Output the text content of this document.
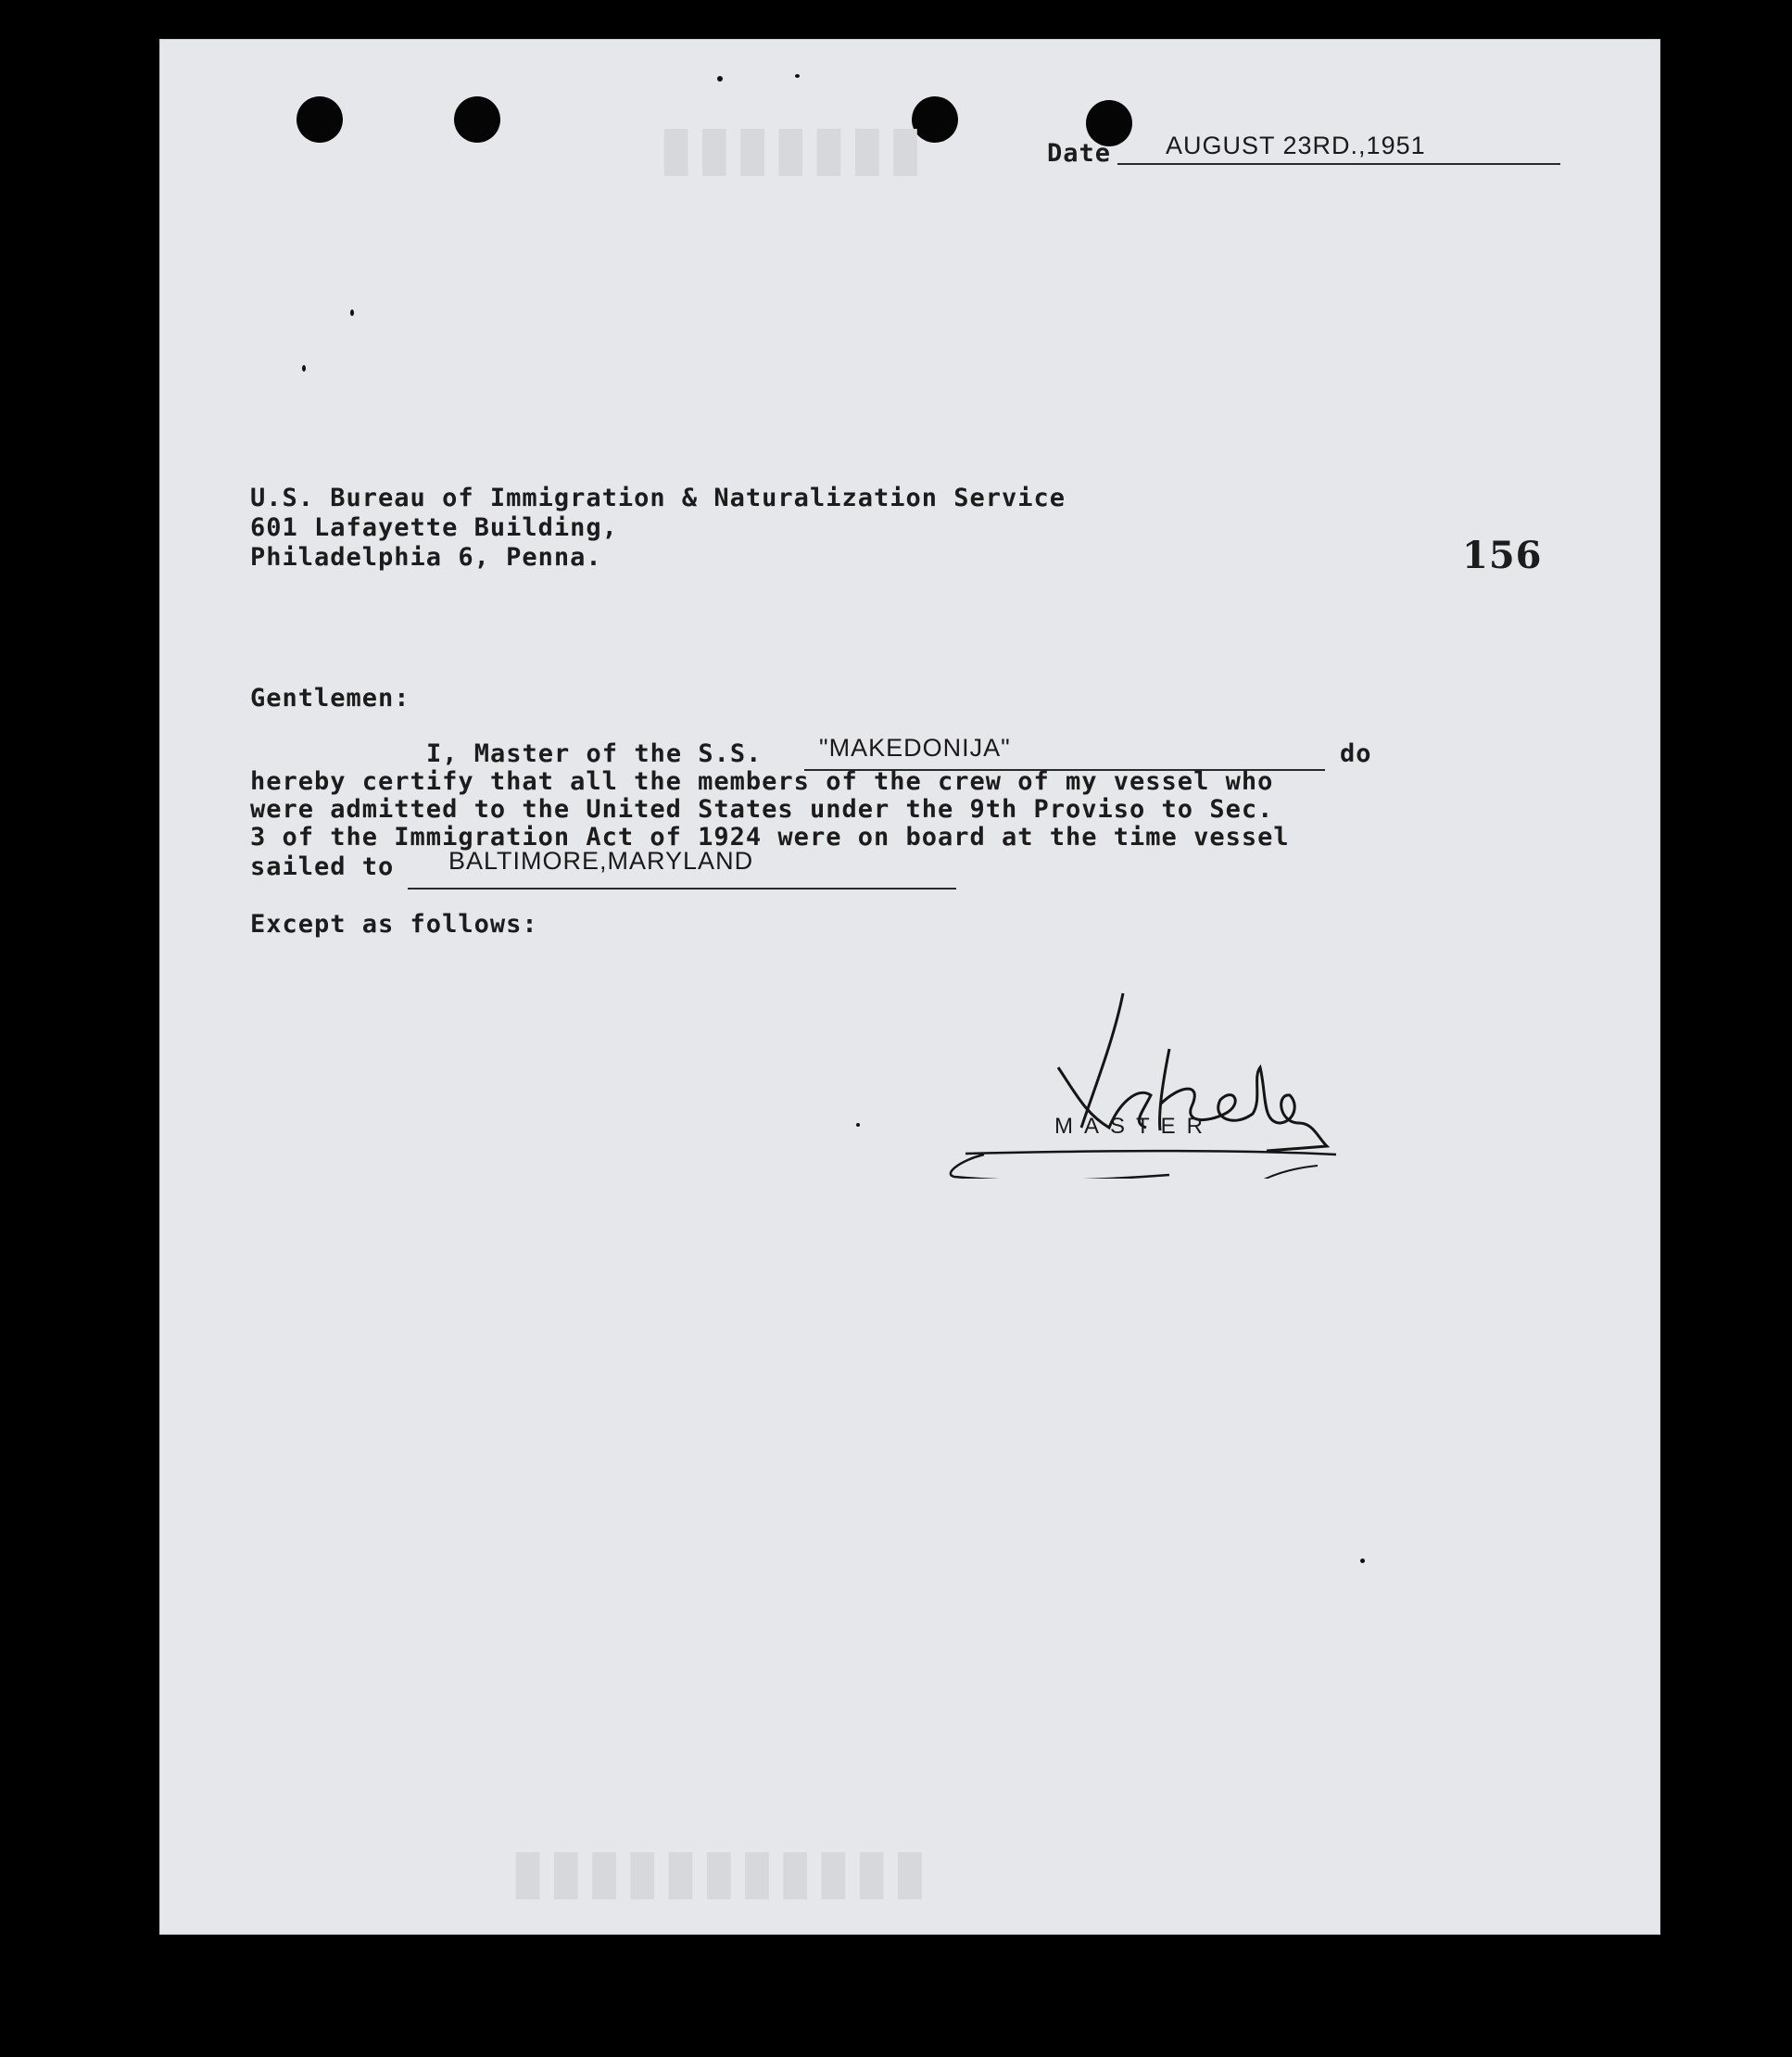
▮▮▮▮▮▮▮
▮▮▮▮▮▮▮▮▮▮▮
Date AUGUST 23RD.,1951
U.S. Bureau of Immigration & Naturalization Service
601 Lafayette Building,
Philadelphia 6, Penna.	156
Gentlemen:
I, Master of the S.S. "MAKEDONIJA"	do
hereby certify that all the members of the crew of my vessel who
were admitted to the United States under the 9th Proviso to Sec.
3 of the Immigration Act of 1924 were on board at the time vessel
sailed to BALTIMORE,MARYLAND
Except as follows:
MASTER
